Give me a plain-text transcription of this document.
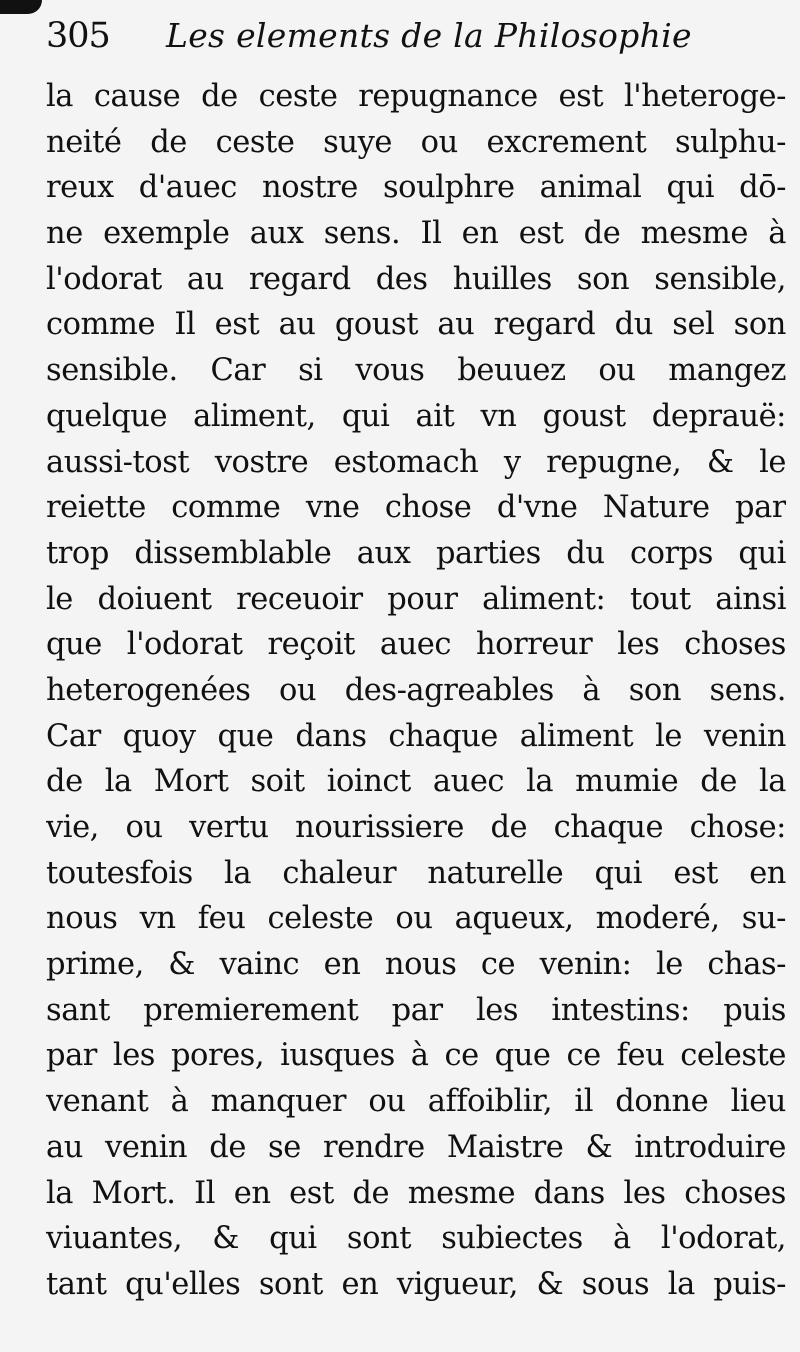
305	Les elements de la Philosophie
la cause de ceste repugnance est l'heteroge-
neité de ceste suye ou excrement sulphu-
reux d'auec nostre soulphre animal qui dō-
ne exemple aux sens. Il en est de mesme à
l'odorat au regard des huilles son sensible,
comme Il est au goust au regard du sel son
sensible. Car si vous beuuez ou mangez
quelque aliment, qui ait vn goust deprauë:
aussi-tost vostre estomach y repugne, & le
reiette comme vne chose d'vne Nature par
trop dissemblable aux parties du corps qui
le doiuent receuoir pour aliment: tout ainsi
que l'odorat reçoit auec horreur les choses
heterogenées ou des-agreables à son sens.
Car quoy que dans chaque aliment le venin
de la Mort soit ioinct auec la mumie de la
vie, ou vertu nourissiere de chaque chose:
toutesfois la chaleur naturelle qui est en
nous vn feu celeste ou aqueux, moderé, su-
prime, & vainc en nous ce venin: le chas-
sant premierement par les intestins: puis
par les pores, iusques à ce que ce feu celeste
venant à manquer ou affoiblir, il donne lieu
au venin de se rendre Maistre & introduire
la Mort. Il en est de mesme dans les choses
viuantes, & qui sont subiectes à l'odorat,
tant qu'elles sont en vigueur, & sous la puis-
